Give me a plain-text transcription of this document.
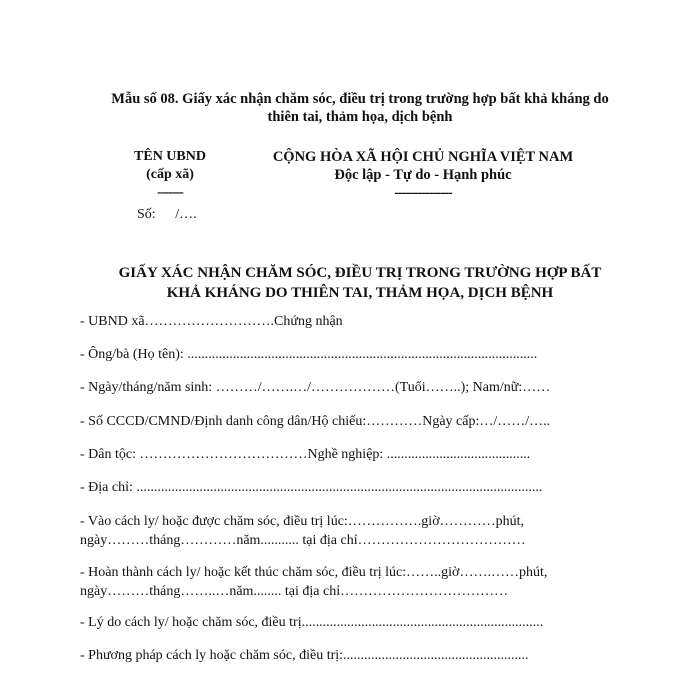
Mẫu số 08. Giấy xác nhận chăm sóc, điều trị trong trường hợp bất khả kháng do
thiên tai, thảm họa, dịch bệnh
TÊN UBND
(cấp xã)
-------
CỘNG HÒA XÃ HỘI CHỦ NGHĨA VIỆT NAM
Độc lập - Tự do - Hạnh phúc
---------------
Số: /….
GIẤY XÁC NHẬN CHĂM SÓC, ĐIỀU TRỊ TRONG TRƯỜNG HỢP BẤT
KHẢ KHÁNG DO THIÊN TAI, THẢM HỌA, DỊCH BỆNH
- UBND xã……………………….Chứng nhận
- Ông/bà (Họ tên): ....................................................................................................
- Ngày/tháng/năm sinh: ………/…….…/………………(Tuổi……..); Nam/nữ:……
- Số CCCD/CMND/Định danh công dân/Hộ chiếu:…………Ngày cấp:…/……/…..
- Dân tộc: ………………………………Nghề nghiệp: .........................................
- Địa chỉ: ....................................................................................................................
- Vào cách ly/ hoặc được chăm sóc, điều trị lúc:…………….giờ…………phút,
ngày………tháng…………năm........... tại địa chỉ………………………………
- Hoàn thành cách ly/ hoặc kết thúc chăm sóc, điều trị lúc:……..giờ…….……phút,
ngày………tháng……..…năm........ tại địa chỉ………………………………
- Lý do cách ly/ hoặc chăm sóc, điều trị.....................................................................
- Phương pháp cách ly hoặc chăm sóc, điều trị:.....................................................
